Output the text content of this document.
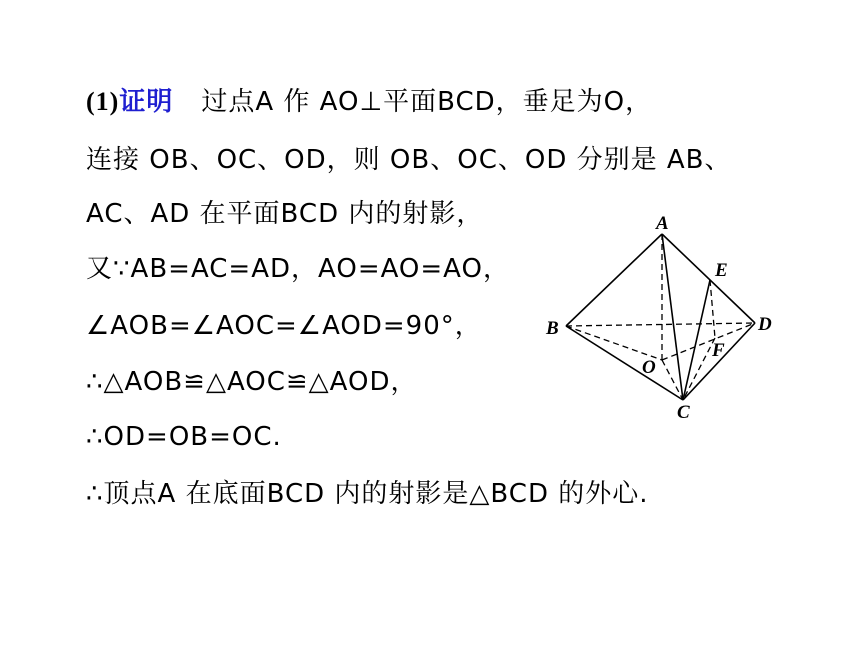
(1)证明 过点A 作 AO⊥平面BCD，垂足为O，
连接 OB、OC、OD，则 OB、OC、OD 分别是 AB、
AC、AD 在平面BCD 内的射影，
又∵AB=AC=AD，AO=AO=AO，
∠AOB=∠AOC=∠AOD=90°，
∴△AOB≌△AOC≌△AOD，
∴OD=OB=OC.
∴顶点A 在底面BCD 内的射影是△BCD 的外心.
A
B
C
D
E
F
O
